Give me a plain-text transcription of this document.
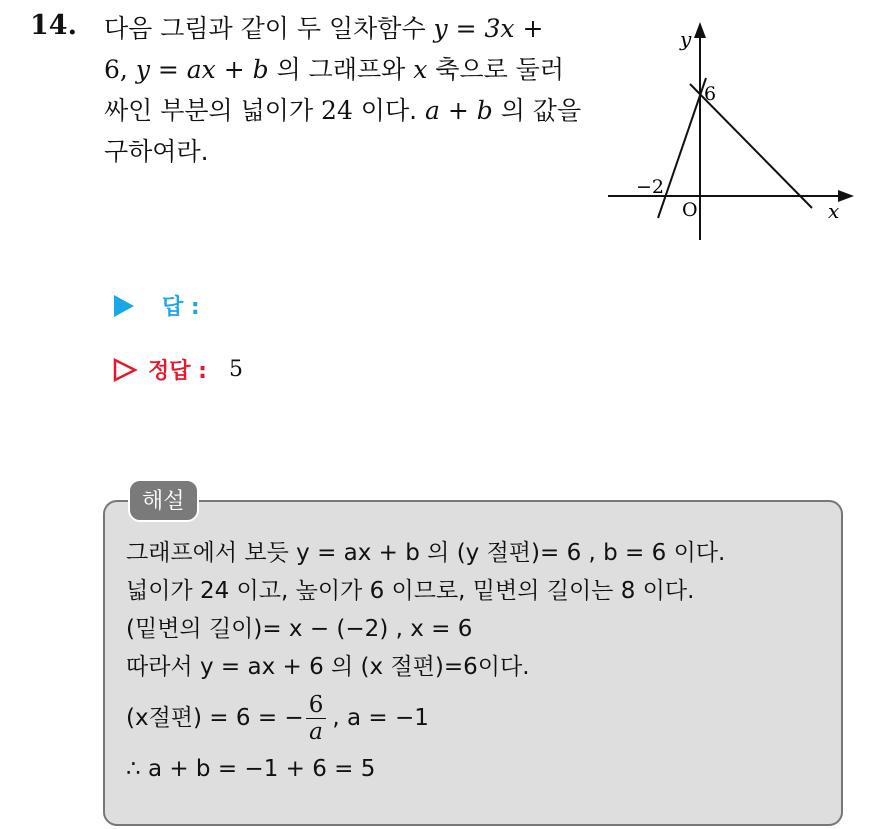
14. 다음 그림과 같이 두 일차함수 y = 3x +
6, y = ax + b 의 그래프와 x 축으로 둘러
싸인 부분의 넓이가 24 이다. a + b 의 값을
구하여라.
y
x
O
6
−2
답 :
정답 : 5
해설
그래프에서 보듯 y = ax + b 의 (y 절편)= 6 , b = 6 이다.
넓이가 24 이고, 높이가 6 이므로, 밑변의 길이는 8 이다.
(밑변의 길이)= x − (−2) , x = 6
따라서 y = ax + 6 의 (x 절편)=6이다.
(x절편) = 6 = − $\frac{6}{a}$ , a = −1
∴ a + b = −1 + 6 = 5
